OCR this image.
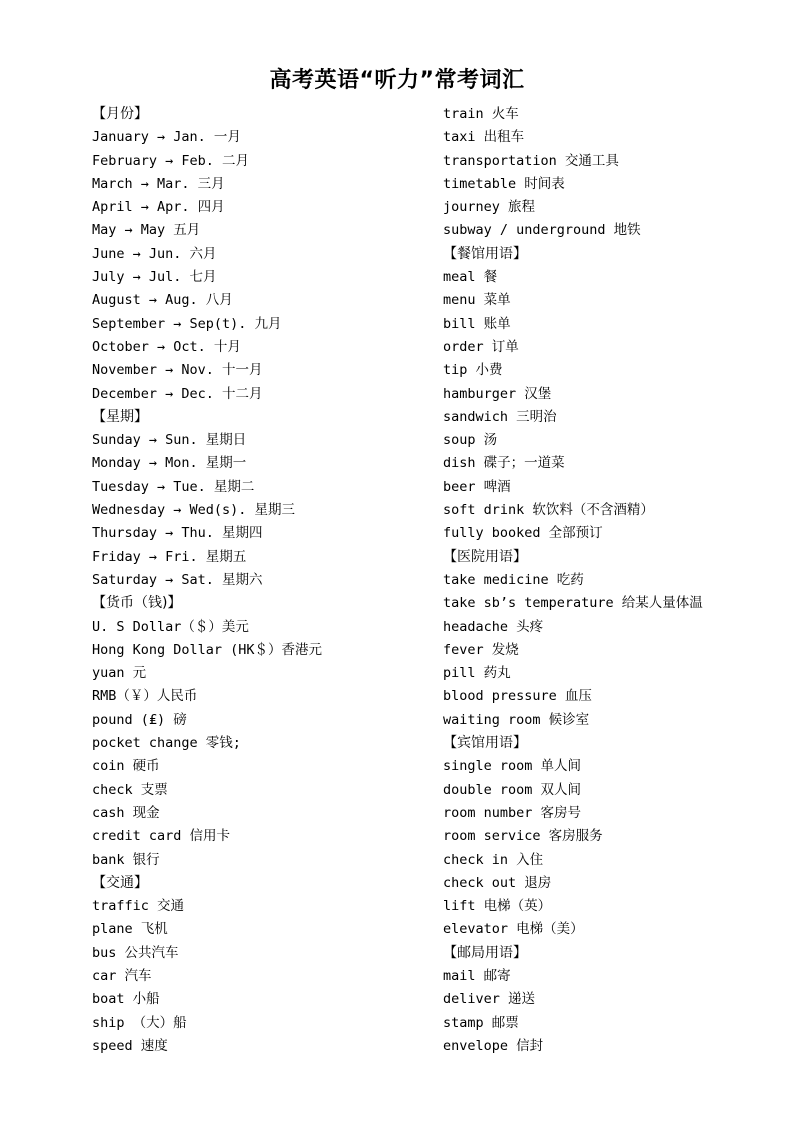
高考英语“听力”常考词汇
【月份】
January → Jan. 一月
February → Feb. 二月
March → Mar. 三月
April → Apr. 四月
May → May 五月
June → Jun. 六月
July → Jul. 七月
August → Aug. 八月
September → Sep(t). 九月
October → Oct. 十月
November → Nov. 十一月
December → Dec. 十二月
【星期】
Sunday → Sun. 星期日
Monday → Mon. 星期一
Tuesday → Tue. 星期二
Wednesday → Wed(s). 星期三
Thursday → Thu. 星期四
Friday → Fri. 星期五
Saturday → Sat. 星期六
【货币（钱)】
U. S Dollar（＄）美元
Hong Kong Dollar (HK＄）香港元
yuan 元
RMB（￥）人民币
pound (₤) 磅
pocket change 零钱;
coin 硬币
check 支票
cash 现金
credit card 信用卡
bank 银行
【交通】
traffic 交通
plane 飞机
bus 公共汽车
car 汽车
boat 小船
ship （大）船
speed 速度
train 火车
taxi 出租车
transportation 交通工具
timetable 时间表
journey 旅程
subway / underground 地铁
【餐馆用语】
meal 餐
menu 菜单
bill 账单
order 订单
tip 小费
hamburger 汉堡
sandwich 三明治
soup 汤
dish 碟子；一道菜
beer 啤酒
soft drink 软饮料（不含酒精）
fully booked 全部预订
【医院用语】
take medicine 吃药
take sb’s temperature 给某人量体温
headache 头疼
fever 发烧
pill 药丸
blood pressure 血压
waiting room 候诊室
【宾馆用语】
single room 单人间
double room 双人间
room number 客房号
room service 客房服务
check in 入住
check out 退房
lift 电梯（英）
elevator 电梯（美）
【邮局用语】
mail 邮寄
deliver 递送
stamp 邮票
envelope 信封
